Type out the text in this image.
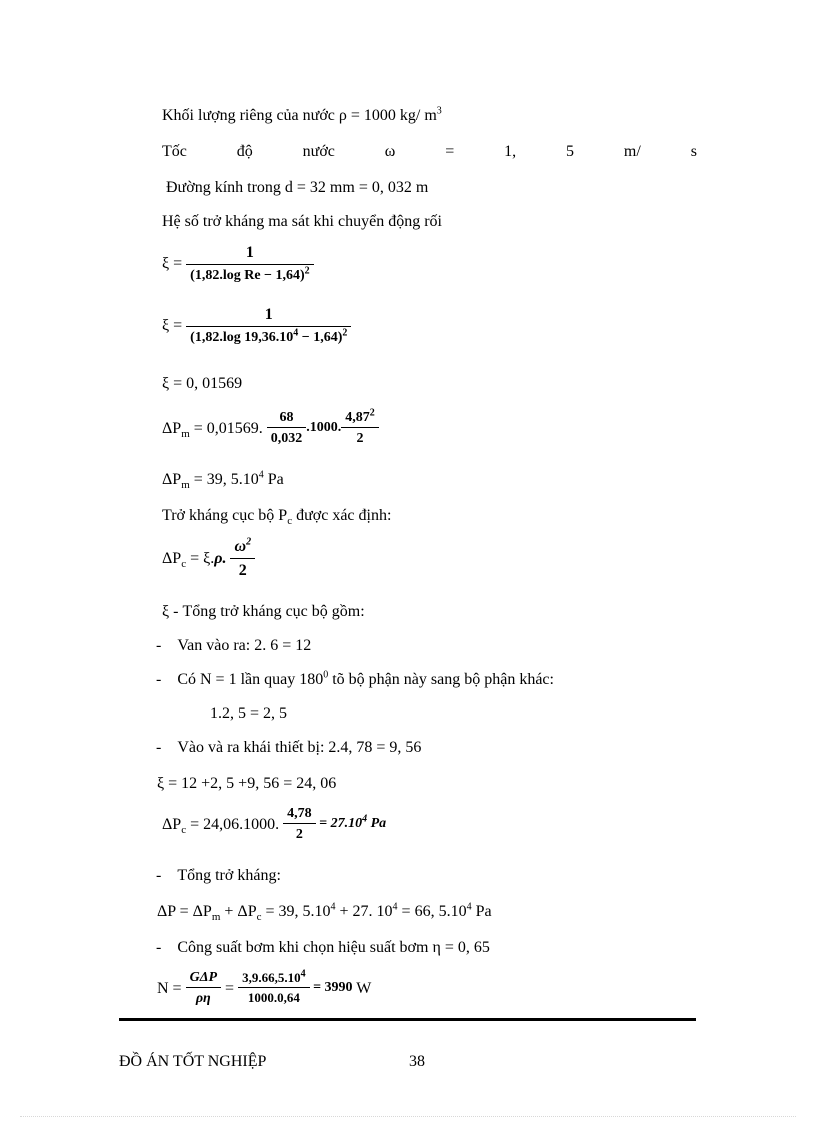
Khối lượng riêng của nước ρ = 1000 kg/ $m^3$
Tốc	độ	nước	ω	=	1,	5	m/	s
Đường kính trong d = 32 mm = 0, 032 m
Hệ số trở kháng ma sát khi chuyển động rối
$\xi = \frac{1}{(1,82.\log Re - 1,64)^2}$
$\xi = \frac{1}{(1,82.\log 19,36.10^4 - 1,64)^2}$
ξ = 0, 01569
$\Delta P_m = 0,01569$. $\frac{68}{0,032} .1000$. $\frac{4,87^2}{2}$
$\Delta P_m = 39$, 5.10$^4$ Pa
Trở kháng cục bộ $P_c$ được xác định:
$\Delta P_c = \xi.\rho$. $\frac{\omega^2}{2}$
ξ - Tổng trở kháng cục bộ gồm:
- Van vào ra: 2. 6 = 12
- Có N = 1 lần quay $180^0$ tõ bộ phận này sang bộ phận khác:
1.2, 5 = 2, 5
- Vào và ra khái thiết bị: 2.4, 78 = 9, 56
ξ = 12 +2, 5 +9, 56 = 24, 06
$\Delta P_c = 24,06.1000$. $\frac{4,78}{2} = 27.10^4$ Pa
- Tổng trở kháng:
$\Delta P = \Delta P_m + \Delta P_c = 39$, $5.10^4 + 27$. $10^4 = 66$, 5.10$^4$ Pa
- Công suất bơm khi chọn hiệu suất bơm η = 0, 65
$N = \frac{\text{GΔP}}{\rho\eta} = \frac{3,9.66,5.10^4}{1000.0,64} = 3990$ W
ĐỒ ÁN TỐT NGHIỆP	38
